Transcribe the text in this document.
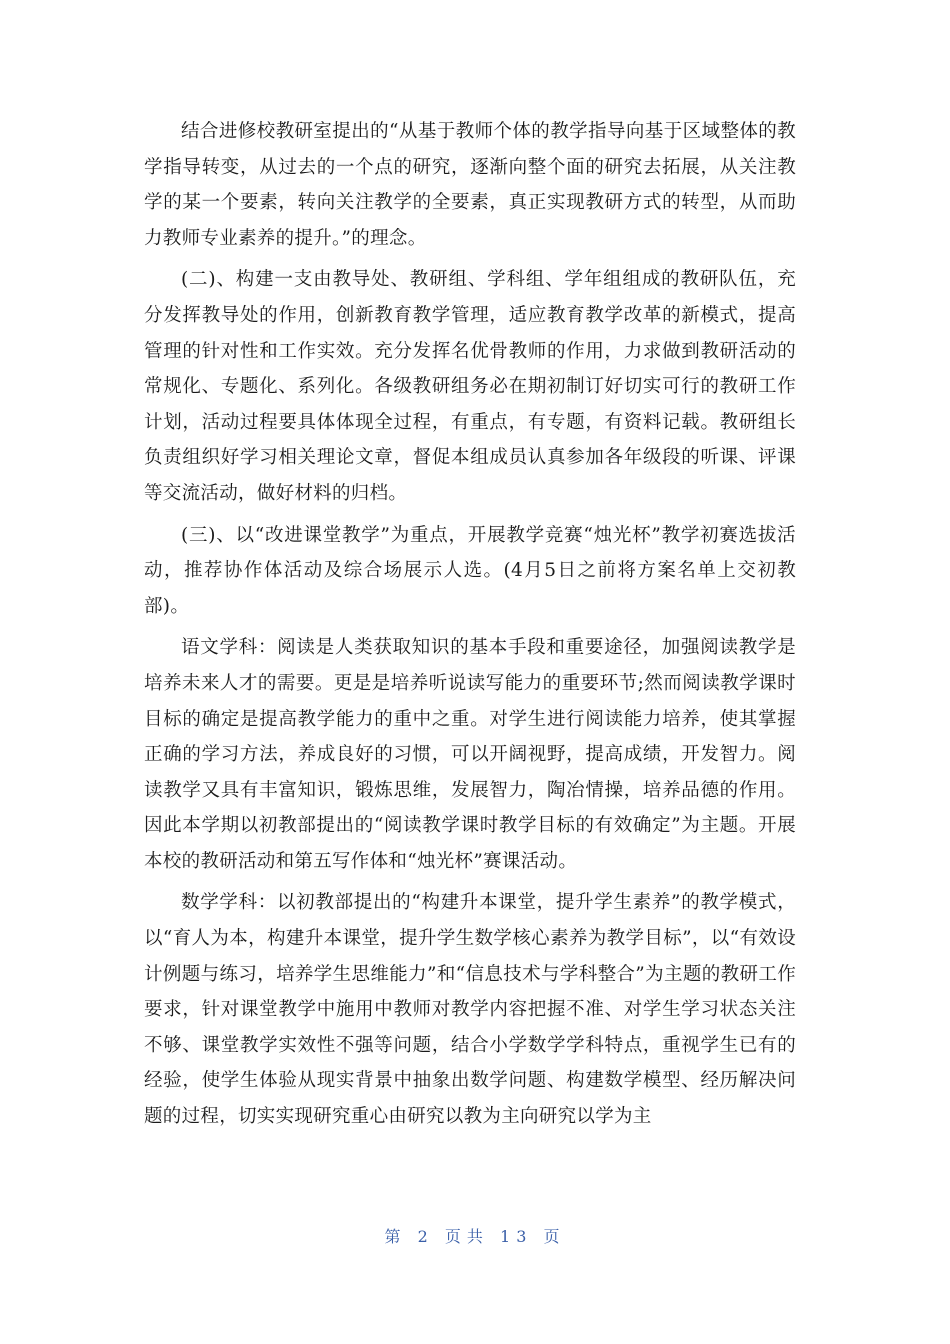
结合进修校教研室提出的“从基于教师个体的教学指导向基于区域整体的教学指导转变，从过去的一个点的研究，逐渐向整个面的研究去拓展，从关注教学的某一个要素，转向关注教学的全要素，真正实现教研方式的转型，从而助力教师专业素养的提升。”的理念。

(二)、构建一支由教导处、教研组、学科组、学年组组成的教研队伍，充分发挥教导处的作用，创新教育教学管理，适应教育教学改革的新模式，提高管理的针对性和工作实效。充分发挥名优骨教师的作用，力求做到教研活动的常规化、专题化、系列化。各级教研组务必在期初制订好切实可行的教研工作计划，活动过程要具体体现全过程，有重点，有专题，有资料记载。教研组长负责组织好学习相关理论文章，督促本组成员认真参加各年级段的听课、评课等交流活动，做好材料的归档。

(三)、以“改进课堂教学”为重点，开展教学竞赛“烛光杯”教学初赛选拔活动，推荐协作体活动及综合场展示人选。(4月5日之前将方案名单上交初教部)。

语文学科：阅读是人类获取知识的基本手段和重要途径，加强阅读教学是培养未来人才的需要。更是是培养听说读写能力的重要环节;然而阅读教学课时目标的确定是提高教学能力的重中之重。对学生进行阅读能力培养，使其掌握正确的学习方法，养成良好的习惯，可以开阔视野，提高成绩，开发智力。阅读教学又具有丰富知识，锻炼思维，发展智力，陶冶情操，培养品德的作用。因此本学期以初教部提出的“阅读教学课时教学目标的有效确定”为主题。开展本校的教研活动和第五写作体和“烛光杯”赛课活动。

数学学科：以初教部提出的“构建升本课堂，提升学生素养”的教学模式，以“育人为本，构建升本课堂，提升学生数学核心素养为教学目标”，以“有效设计例题与练习，培养学生思维能力”和“信息技术与学科整合”为主题的教研工作要求，针对课堂教学中施用中教师对教学内容把握不准、对学生学习状态关注不够、课堂教学实效性不强等问题，结合小学数学学科特点，重视学生已有的经验，使学生体验从现实背景中抽象出数学问题、构建数学模型、经历解决问题的过程，切实实现研究重心由研究以教为主向研究以学为主

第 2 页共 13 页
